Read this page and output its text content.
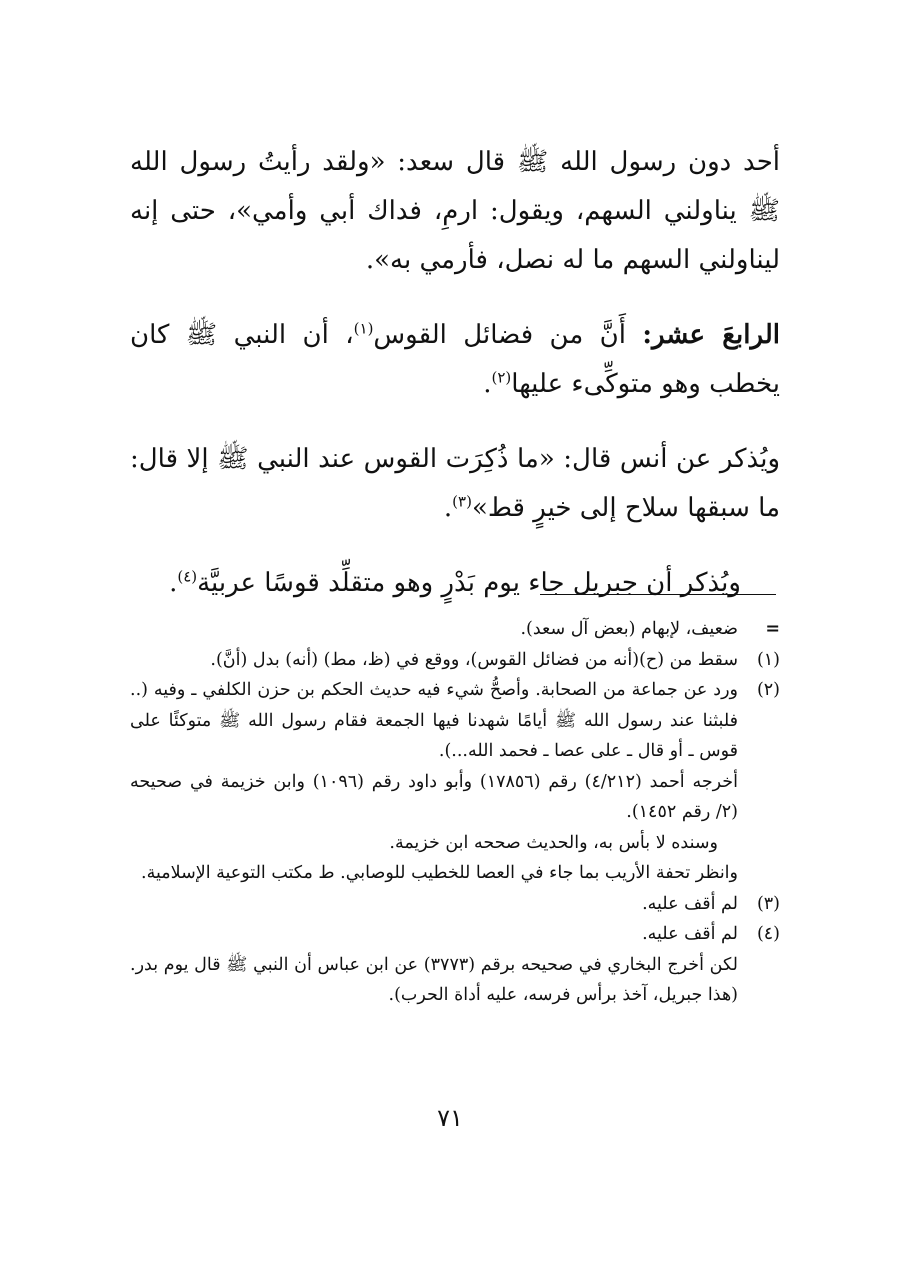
أحد دون رسول الله ﷺ قال سعد: «ولقد رأيتُ رسول الله ﷺ يناولني السهم، ويقول: ارمِ، فداك أبي وأمي»، حتى إنه ليناولني السهم ما له نصل، فأرمي به».

الرابعَ عشر: أَنَّ من فضائل القوس$^{(١)}$، أن النبي ﷺ كان يخطب وهو متوكِّىء عليها$^{(٢)}$.

ويُذكر عن أنس قال: «ما ذُكِرَت القوس عند النبي ﷺ إلا قال: ما سبقها سلاح إلى خيرٍ قط»$^{(٣)}$.

ويُذكر أن جبريل جاء يوم بَدْرٍ وهو متقلِّد قوسًا عربيَّة$^{(٤)}$.

=
ضعيف، لإبهام (بعض آل سعد).
(١)
سقط من (ح)(أنه من فضائل القوس)، ووقع في (ظ، مط) (أنه) بدل (أنَّ).
(٢)
ورد عن جماعة من الصحابة. وأصحُّ شيء فيه حديث الحكم بن حزن الكلفي ـ وفيه (.. فلبثنا عند رسول الله ﷺ أيامًا شهدنا فيها الجمعة فقام رسول الله ﷺ متوكئًا على قوس ـ أو قال ـ على عصا ـ فحمد الله...).
أخرجه أحمد (٤/٢١٢) رقم (١٧٨٥٦) وأبو داود رقم (١٠٩٦) وابن خزيمة في صحيحه (٢/ رقم ١٤٥٢).
وسنده لا بأس به، والحديث صححه ابن خزيمة.
وانظر تحفة الأريب بما جاء في العصا للخطيب للوصابي. ط مكتب التوعية الإسلامية.
(٣)
لم أقف عليه.
(٤)
لم أقف عليه.
لكن أخرج البخاري في صحيحه برقم (٣٧٧٣) عن ابن عباس أن النبي ﷺ قال يوم بدر. (هذا جبريل، آخذ برأس فرسه، عليه أداة الحرب).
٧١
